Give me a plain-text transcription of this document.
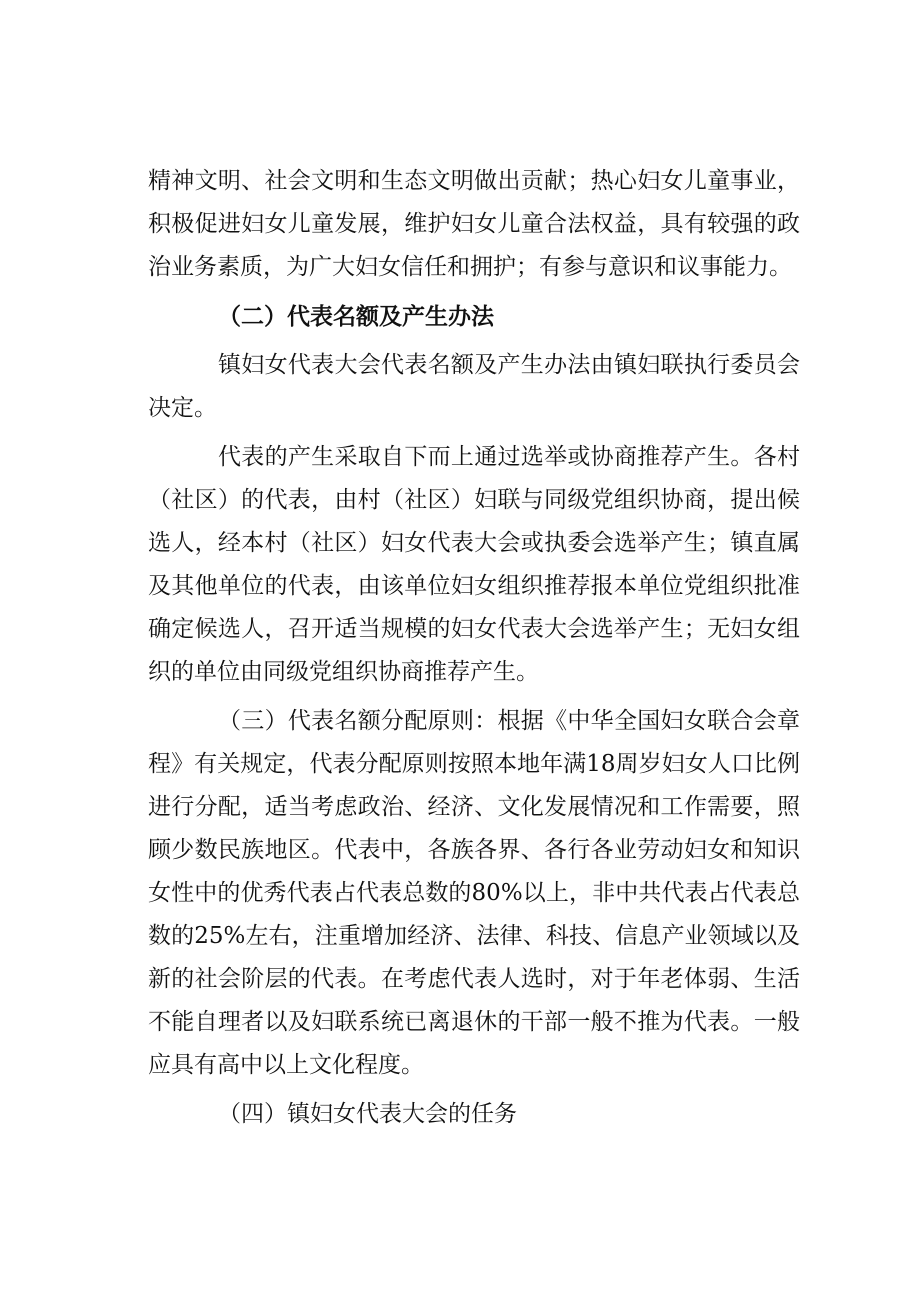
精神文明、社会文明和生态文明做出贡献；热心妇女儿童事业，积极促进妇女儿童发展，维护妇女儿童合法权益，具有较强的政治业务素质，为广大妇女信任和拥护；有参与意识和议事能力。

（二）代表名额及产生办法

镇妇女代表大会代表名额及产生办法由镇妇联执行委员会决定。

代表的产生采取自下而上通过选举或协商推荐产生。各村（社区）的代表，由村（社区）妇联与同级党组织协商，提出候选人，经本村（社区）妇女代表大会或执委会选举产生；镇直属及其他单位的代表，由该单位妇女组织推荐报本单位党组织批准确定候选人，召开适当规模的妇女代表大会选举产生；无妇女组织的单位由同级党组织协商推荐产生。

（三）代表名额分配原则：根据《中华全国妇女联合会章程》有关规定，代表分配原则按照本地年满18周岁妇女人口比例进行分配，适当考虑政治、经济、文化发展情况和工作需要，照顾少数民族地区。代表中，各族各界、各行各业劳动妇女和知识女性中的优秀代表占代表总数的80%以上，非中共代表占代表总数的25%左右，注重增加经济、法律、科技、信息产业领域以及新的社会阶层的代表。在考虑代表人选时，对于年老体弱、生活不能自理者以及妇联系统已离退休的干部一般不推为代表。一般应具有高中以上文化程度。

（四）镇妇女代表大会的任务
